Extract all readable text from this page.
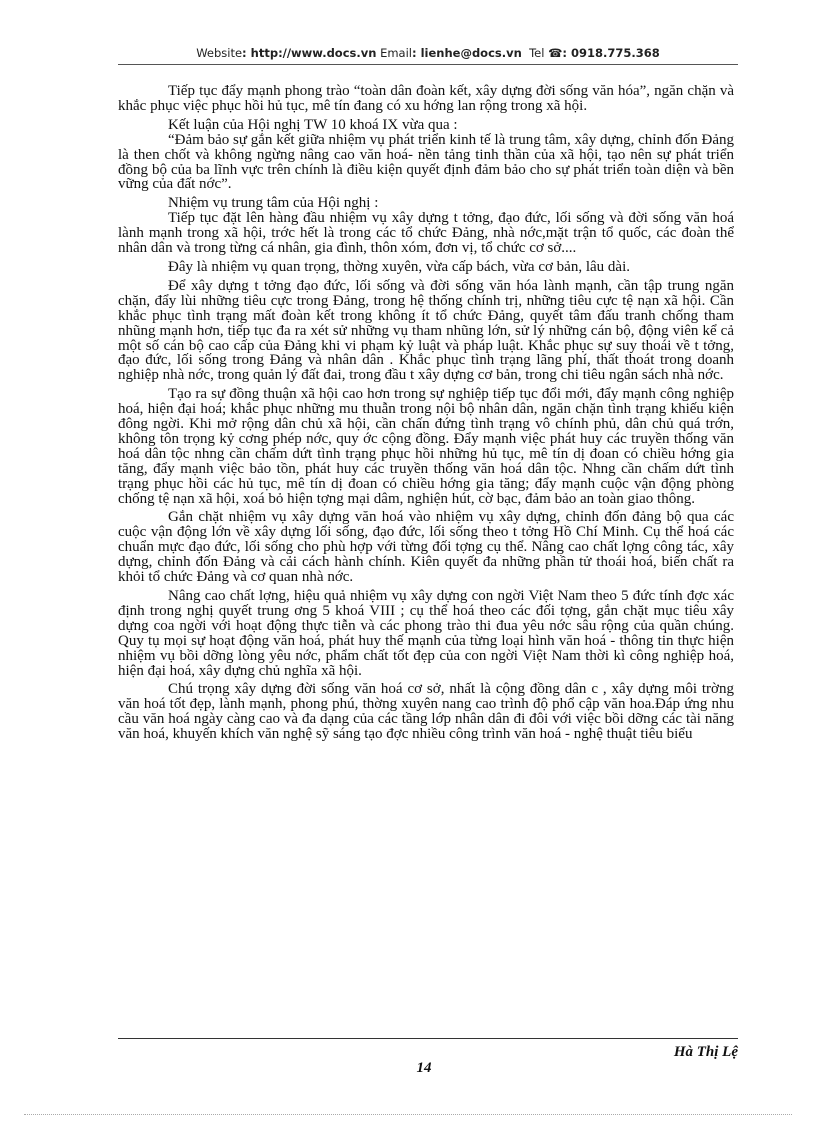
Website: http://www.docs.vn Email: lienhe@docs.vn Tel ☎: 0918.775.368

Tiếp tục đẩy mạnh phong trào “toàn dân đoàn kết, xây dựng đời sống văn hóa”, ngăn chặn và khắc phục việc phục hồi hủ tục, mê tín đang có xu hớng lan rộng trong xã hội.

Kết luận của Hội nghị TW 10 khoá IX vừa qua :

“Đảm bảo sự gắn kết giữa nhiệm vụ phát triển kinh tế là trung tâm, xây dựng, chỉnh đốn Đảng là then chốt và không ngừng nâng cao văn hoá- nền tảng tinh thần của xã hội, tạo nên sự phát triển đồng bộ của ba lĩnh vực trên chính là điều kiện quyết định đảm bảo cho sự phát triển toàn diện và bền vững của đất nớc”.

Nhiệm vụ trung tâm của Hội nghị :

Tiếp tục đặt lên hàng đầu nhiệm vụ xây dựng t tởng, đạo đức, lối sống và đời sống văn hoá lành mạnh trong xã hội, trớc hết là trong các tổ chức Đảng, nhà nớc,mặt trận tổ quốc, các đoàn thể nhân dân và trong từng cá nhân, gia đình, thôn xóm, đơn vị, tổ chức cơ sở....

Đây là nhiệm vụ quan trọng, thờng xuyên, vừa cấp bách, vừa cơ bản, lâu dài.

Để xây dựng t tởng đạo đức, lối sống và đời sống văn hóa lành mạnh, cần tập trung ngăn chặn, đẩy lùi những tiêu cực trong Đảng, trong hệ thống chính trị, những tiêu cực tệ nạn xã hội. Cần khắc phục tình trạng mất đoàn kết trong không ít tổ chức Đảng, quyết tâm đấu tranh chống tham nhũng mạnh hơn, tiếp tục đa ra xét sử những vụ tham nhũng lớn, sử lý những cán bộ, động viên kể cả một số cán bộ cao cấp của Đảng khi vi phạm kỷ luật và pháp luật. Khắc phục sự suy thoái về t tởng, đạo đức, lối sống trong Đảng và nhân dân . Khắc phục tình trạng lãng phí, thất thoát trong doanh nghiệp nhà nớc, trong quản lý đất đai, trong đầu t xây dựng cơ bản, trong chi tiêu ngân sách nhà nớc.

Tạo ra sự đồng thuận xã hội cao hơn trong sự nghiệp tiếp tục đổi mới, đẩy mạnh công nghiệp hoá, hiện đại hoá; khắc phục những mu thuẫn trong nội bộ nhân dân, ngăn chặn tình trạng khiếu kiện đông ngời. Khi mở rộng dân chủ xã hội, cần chấn đứng tình trạng vô chính phủ, dân chủ quá trớn, không tôn trọng kỷ cơng phép nớc, quy ớc cộng đồng. Đẩy mạnh việc phát huy các truyền thống văn hoá dân tộc nhng cần chấm dứt tình trạng phục hồi những hủ tục, mê tín dị đoan có chiều hớng gia tăng, đẩy mạnh việc bảo tồn, phát huy các truyền thống văn hoá dân tộc. Nhng cần chấm dứt tình trạng phục hồi các hủ tục, mê tín dị đoan có chiều hớng gia tăng; đẩy mạnh cuộc vận động phòng chống tệ nạn xã hội, xoá bỏ hiện tợng mại dâm, nghiện hút, cờ bạc, đảm bảo an toàn giao thông.

Gắn chặt nhiệm vụ xây dựng văn hoá vào nhiệm vụ xây dựng, chỉnh đốn đảng bộ qua các cuộc vận động lớn về xây dựng lối sống, đạo đức, lối sống theo t tởng Hồ Chí Minh. Cụ thể hoá các chuẩn mực đạo đức, lối sống cho phù hợp với từng đối tợng cụ thể. Nâng cao chất lợng công tác, xây dựng, chỉnh đốn Đảng và cải cách hành chính. Kiên quyết đa những phần tử thoái hoá, biến chất ra khỏi tổ chức Đảng và cơ quan nhà nớc.

Nâng cao chất lợng, hiệu quả nhiệm vụ xây dựng con ngời Việt Nam theo 5 đức tính đợc xác định trong nghị quyết trung ơng 5 khoá VIII ; cụ thể hoá theo các đối tợng, gắn chặt mục tiêu xây dựng coa ngời với hoạt động thực tiễn và các phong trào thi đua yêu nớc sâu rộng của quần chúng. Quy tụ mọi sự hoạt động văn hoá, phát huy thế mạnh của từng loại hình văn hoá - thông tin thực hiện nhiệm vụ bồi dỡng lòng yêu nớc, phẩm chất tốt đẹp của con ngời Việt Nam thời kì công nghiệp hoá, hiện đại hoá, xây dựng chủ nghĩa xã hội.

Chú trọng xây dựng đời sống văn hoá cơ sở, nhất là cộng đồng dân c , xây dựng môi trờng văn hoá tốt đẹp, lành mạnh, phong phú, thờng xuyên nang cao trình độ phổ cập văn hoa.Đáp ứng nhu cầu văn hoá ngày càng cao và đa dạng của các tầng lớp nhân dân đi đôi với việc bồi dỡng các tài năng văn hoá, khuyến khích văn nghệ sỹ sáng tạo đợc nhiều công trình văn hoá - nghệ thuật tiêu biểu

Hà Thị Lệ
14
